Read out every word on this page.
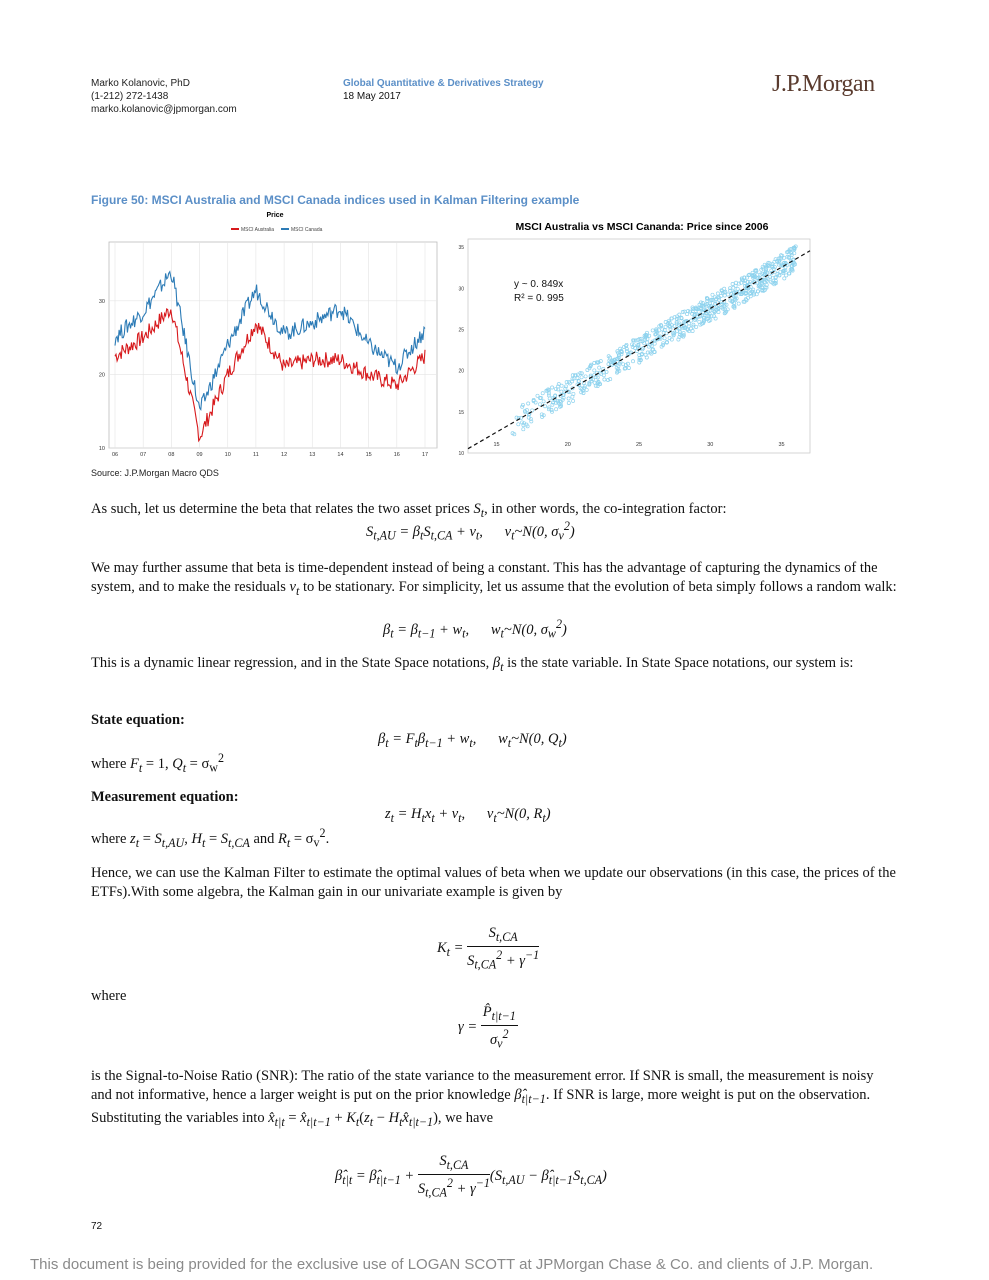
Marko Kolanovic, PhD
(1-212) 272-1438
marko.kolanovic@jpmorgan.com
Global Quantitative & Derivatives Strategy
18 May 2017	J.P.Morgan
Figure 50: MSCI Australia and MSCI Canada indices used in Kalman Filtering example
Price
MSCI Australia	MSCI Canada
06	07	08	09	10	11	12	13	14	15	16	17
10
20
30
MSCI Australia vs MSCI Cananda: Price since 2006
y ~ 0. 849x
R² = 0. 995
15	20	25	30	35
10
15
20
25
30
35
Source: J.P.Morgan Macro QDS
As such, let us determine the beta that relates the two asset prices $S_t$, in other words, the co-integration factor:
$S_{t,AU} = \beta_tS_{t,CA} + v_t$,      $v_t\sim N(0$, $\sigma_v^2$)
We may further assume that beta is time-dependent instead of being a constant. This has the advantage of capturing the dynamics of the system, and to make the residuals $v_t$ to be stationary. For simplicity, let us assume that the evolution of beta simply follows a random walk:
$\beta_t = \beta_{t-1} + w_t$,      $w_t\sim N(0$, $\sigma_w^2$)
This is a dynamic linear regression, and in the State Space notations, $\beta_t$ is the state variable. In State Space notations, our system is:
State equation:
$\beta_t = F_t\beta_{t-1} + w_t$,      $w_t\sim N(0$, $Q_t$)
where $F_t = 1$, $Q_t = \sigma_w^2$
Measurement equation:
$z_t = H_tx_t + v_t$,      $v_t\sim N(0$, $R_t$)
where $z_t = S_{t,AU}$, $H_t = S_{t,CA}$ and $R_t = \sigma_v^2$.
Hence, we can use the Kalman Filter to estimate the optimal values of beta when we update our observations (in this case, the prices of the ETFs).With some algebra, the Kalman gain in our univariate example is given by
$K_t = \frac{S_{t,CA}}{S_{t,CA}^2 + \gamma^{-1}}$
where
$\gamma = \frac{P̂_{t|t-1}}{\sigma_v^2}$
is the Signal-to-Noise Ratio (SNR): The ratio of the state variance to the measurement error. If SNR is small, the measurement is noisy and not informative, hence a larger weight is put on the prior knowledge $\betâ_{t|t-1}$. If SNR is large, more weight is put on the observation. Substituting the variables into $x̂_{t|t}$ = $x̂_{t|t-1} + K_t(z_t$ − $H_tx̂_{t|t-1}$), we have
$\betâ_{t|t}$ = $\betâ_{t|t-1} + \frac{S_{t,CA}}{S_{t,CA}^2 + \gamma^{-1}} (S_{t,AU}$ − $\betâ_{t|t-1}S_{t,CA}$)
72
This document is being provided for the exclusive use of LOGAN SCOTT at JPMorgan Chase & Co. and clients of J.P. Morgan.
